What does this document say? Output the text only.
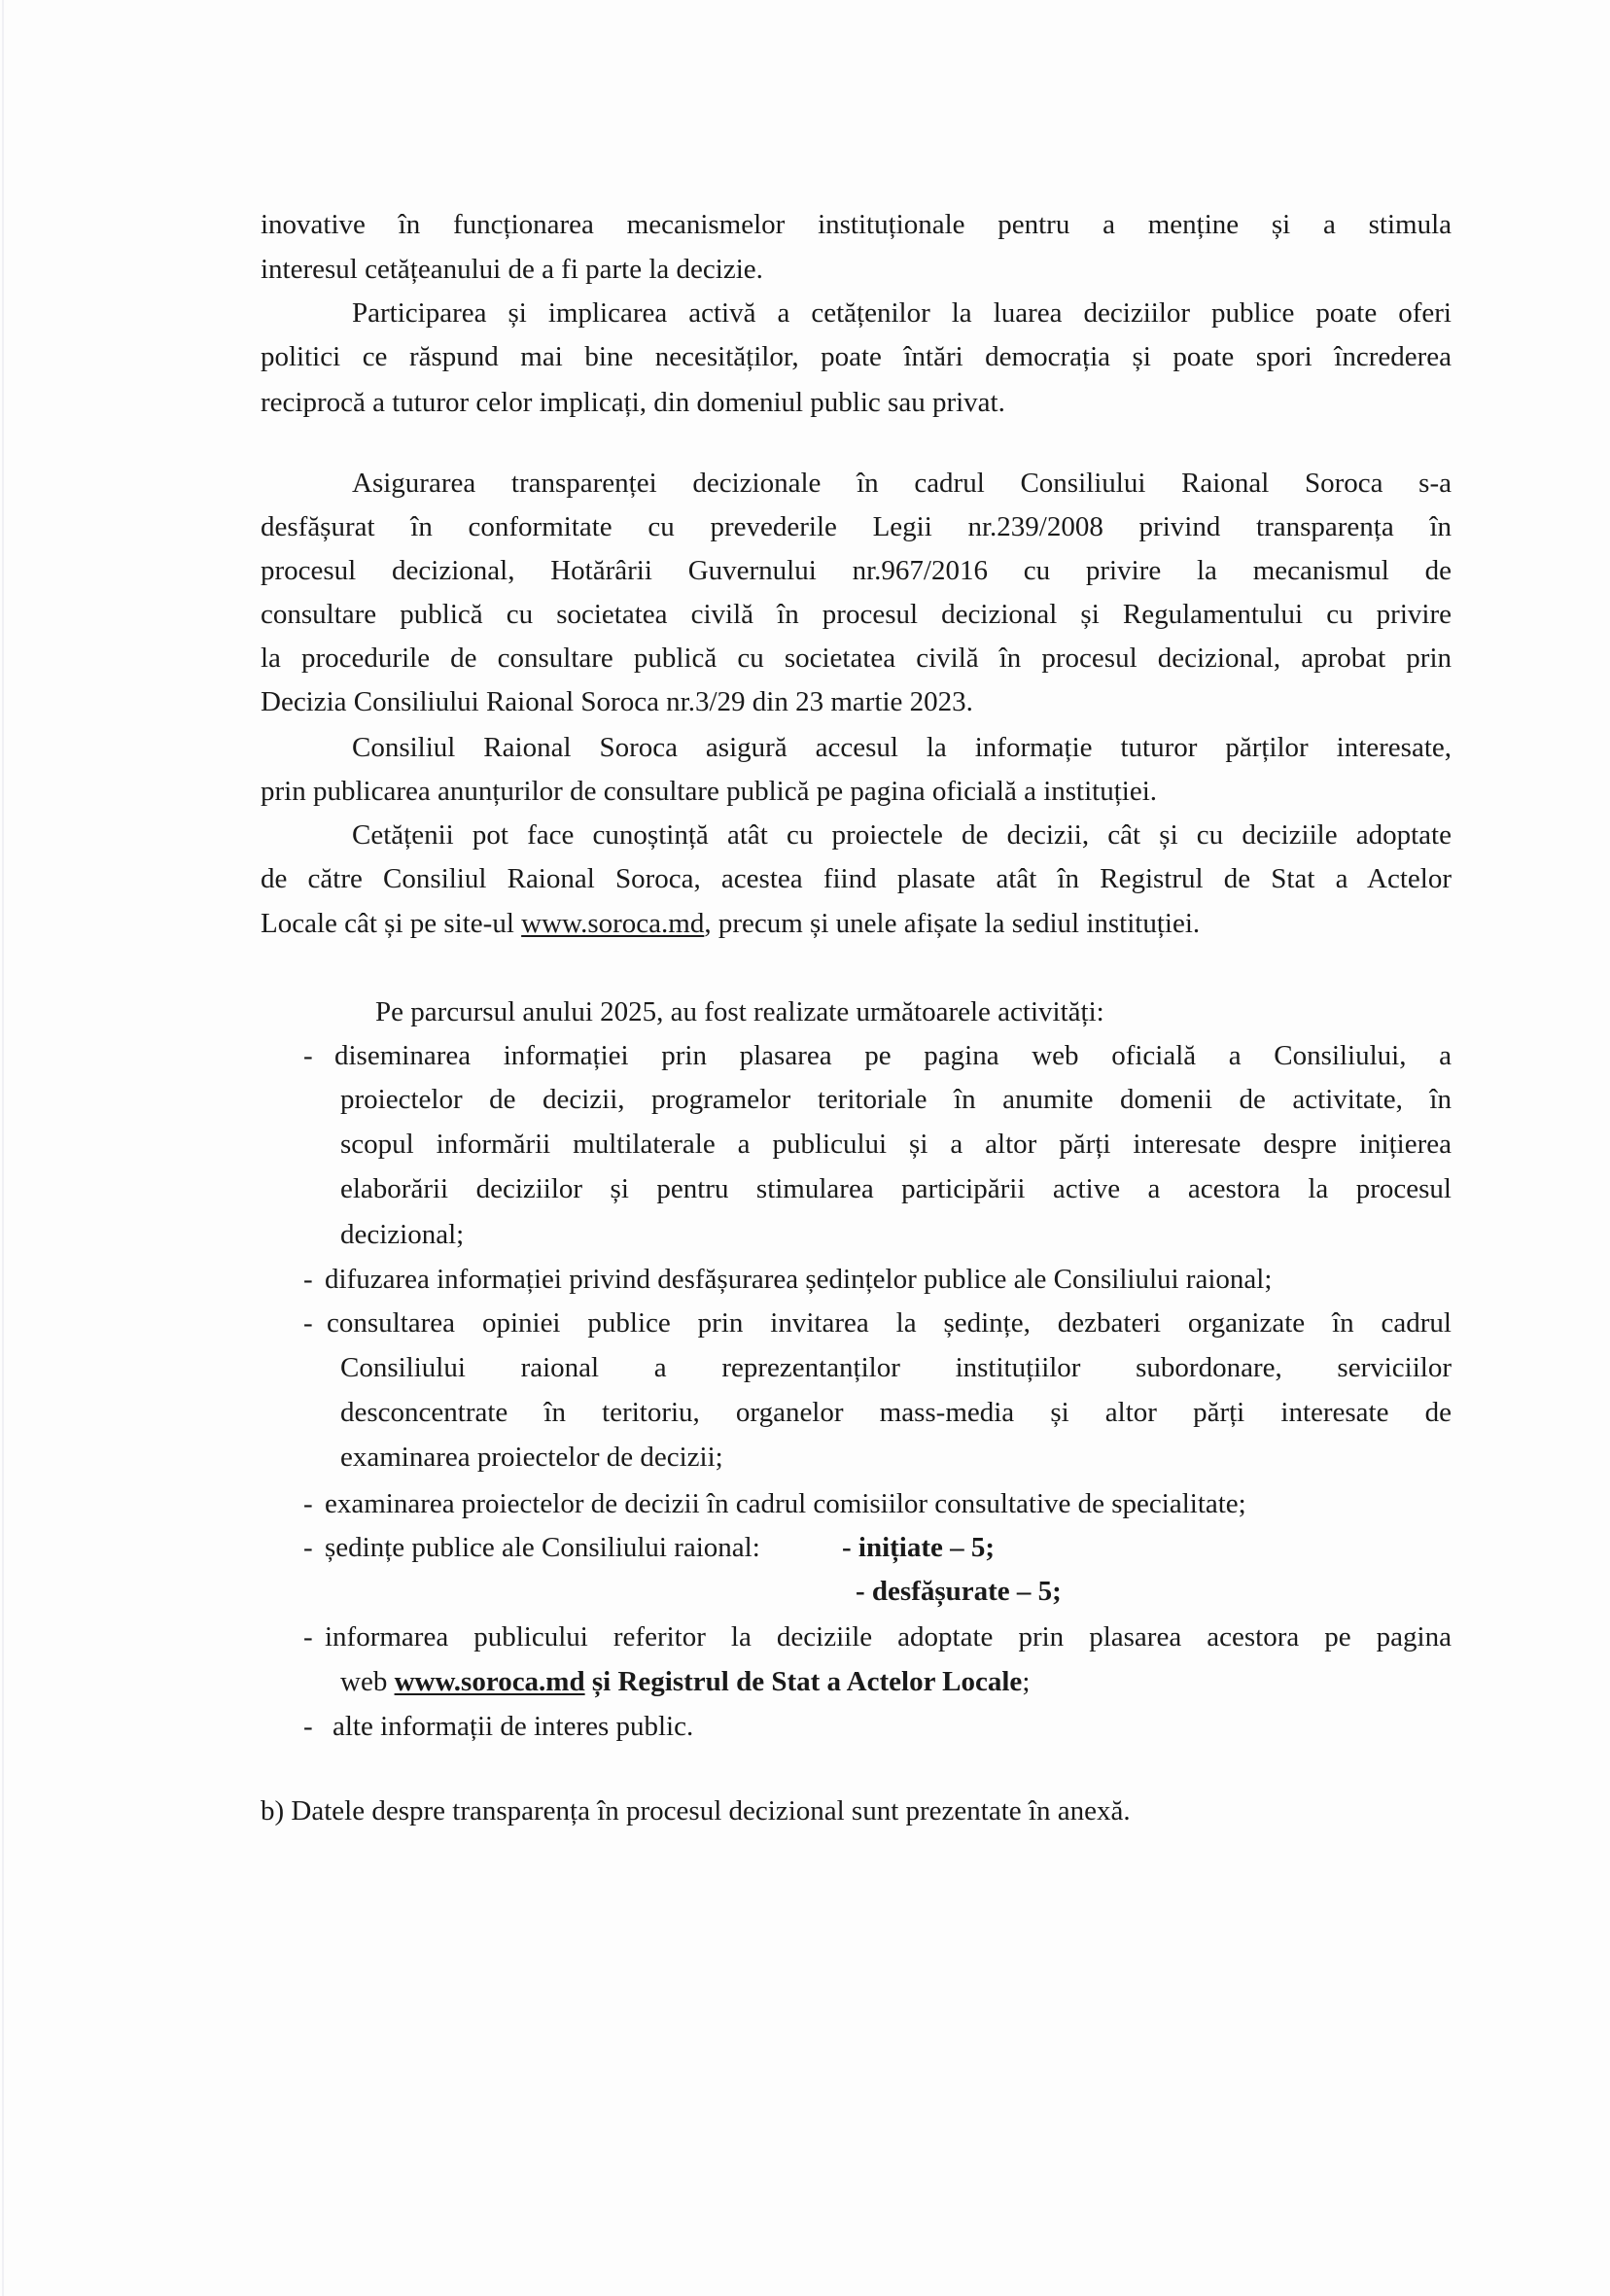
inovative în funcționarea mecanismelor instituționale pentru a menține și a stimula
interesul cetățeanului de a fi parte la decizie.
Participarea și implicarea activă a cetățenilor la luarea deciziilor publice poate oferi
politici ce răspund mai bine necesităților, poate întări democrația și poate spori încrederea
reciprocă a tuturor celor implicați, din domeniul public sau privat.
Asigurarea transparenței decizionale în cadrul Consiliului Raional Soroca s-a
desfășurat în conformitate cu prevederile Legii nr.239/2008 privind transparența în
procesul decizional, Hotărârii Guvernului nr.967/2016 cu privire la mecanismul de
consultare publică cu societatea civilă în procesul decizional și Regulamentului cu privire
la procedurile de consultare publică cu societatea civilă în procesul decizional, aprobat prin
Decizia Consiliului Raional Soroca nr.3/29 din 23 martie 2023.
Consiliul Raional Soroca asigură accesul la informație tuturor părților interesate,
prin publicarea anunțurilor de consultare publică pe pagina oficială a instituției.
Cetățenii pot face cunoștință atât cu proiectele de decizii, cât și cu deciziile adoptate
de către Consiliul Raional Soroca, acestea fiind plasate atât în Registrul de Stat a Actelor
Locale cât și pe site-ul www.soroca.md, precum și unele afișate la sediul instituției.
Pe parcursul anului 2025, au fost realizate următoarele activități:
- diseminarea informației prin plasarea pe pagina web oficială a Consiliului, a
proiectelor de decizii, programelor teritoriale în anumite domenii de activitate, în
scopul informării multilaterale a publicului și a altor părți interesate despre inițierea
elaborării deciziilor și pentru stimularea participării active a acestora la procesul
decizional;
- difuzarea informației privind desfășurarea ședințelor publice ale Consiliului raional;
- consultarea opiniei publice prin invitarea la ședințe, dezbateri organizate în cadrul
Consiliului raional a reprezentanților instituțiilor subordonare, serviciilor
desconcentrate în teritoriu, organelor mass-media și altor părți interesate de
examinarea proiectelor de decizii;
- examinarea proiectelor de decizii în cadrul comisiilor consultative de specialitate;
- ședințe publice ale Consiliului raional:	- inițiate – 5;
- desfășurate – 5;
- informarea publicului referitor la deciziile adoptate prin plasarea acestora pe pagina
web www.soroca.md și Registrul de Stat a Actelor Locale;
- alte informații de interes public.
b) Datele despre transparența în procesul decizional sunt prezentate în anexă.
